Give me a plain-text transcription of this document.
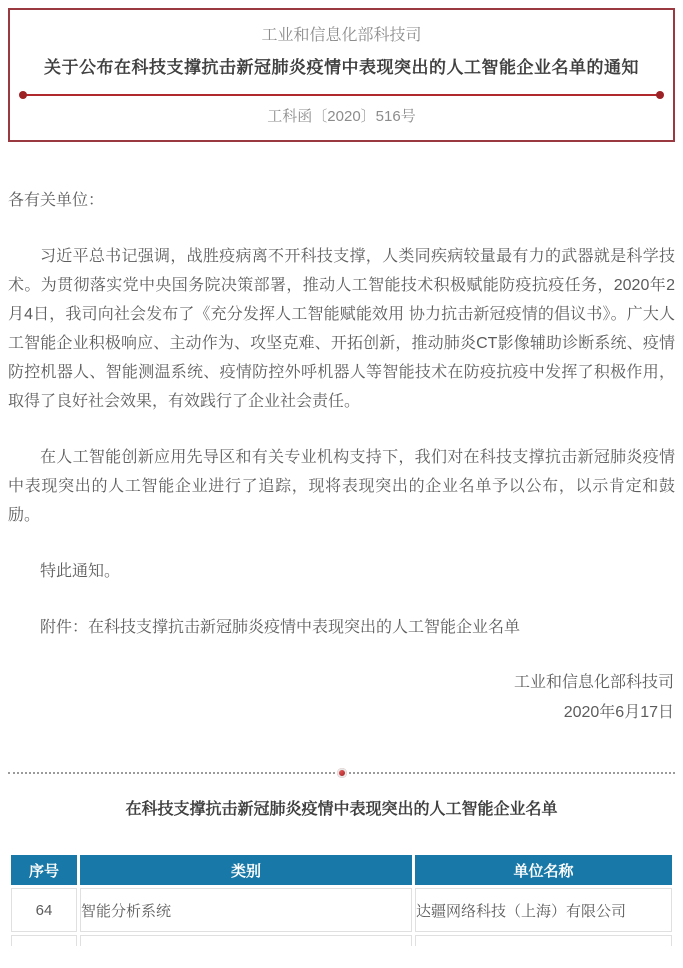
工业和信息化部科技司
关于公布在科技支撑抗击新冠肺炎疫情中表现突出的人工智能企业名单的通知
工科函〔2020〕516号

各有关单位：

习近平总书记强调，战胜疫病离不开科技支撑，人类同疾病较量最有力的武器就是科学技术。为贯彻落实党中央国务院决策部署，推动人工智能技术积极赋能防疫抗疫任务，2020年2月4日，我司向社会发布了《充分发挥人工智能赋能效用 协力抗击新冠疫情的倡议书》。广大人工智能企业积极响应、主动作为、攻坚克难、开拓创新，推动肺炎CT影像辅助诊断系统、疫情防控机器人、智能测温系统、疫情防控外呼机器人等智能技术在防疫抗疫中发挥了积极作用，取得了良好社会效果，有效践行了企业社会责任。

在人工智能创新应用先导区和有关专业机构支持下，我们对在科技支撑抗击新冠肺炎疫情中表现突出的人工智能企业进行了追踪，现将表现突出的企业名单予以公布，以示肯定和鼓励。

特此通知。

附件：在科技支撑抗击新冠肺炎疫情中表现突出的人工智能企业名单

工业和信息化部科技司
2020年6月17日
在科技支撑抗击新冠肺炎疫情中表现突出的人工智能企业名单
序号	类别	单位名称
64	智能分析系统	达疆网络科技（上海）有限公司
